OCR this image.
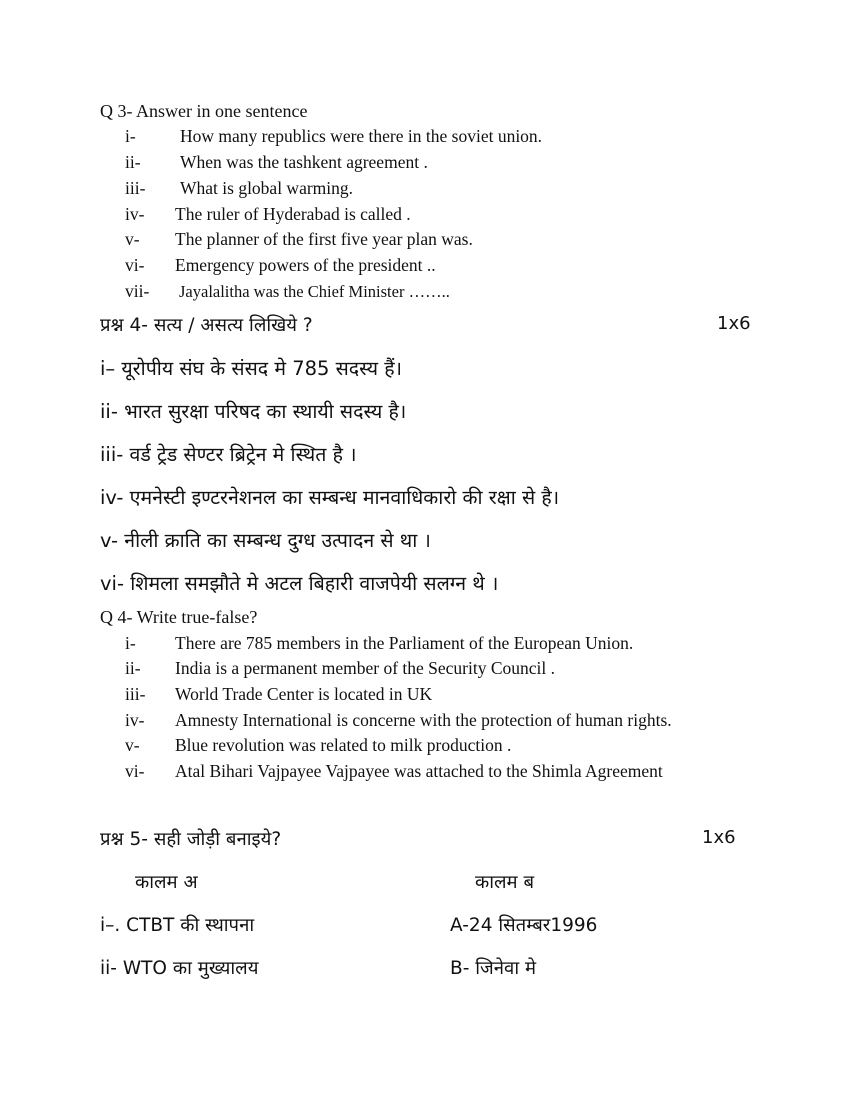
Q 3- Answer in one sentence
i-	How many republics were there in the soviet union.
ii- When was the tashkent agreement .
iii- What is global warming.
iv- The ruler of Hyderabad is called .
v- The planner of the first five year plan was.
vi- Emergency powers of the president ..
vii- Jayalalitha was the Chief Minister ……..
प्रश्न 4- सत्य / असत्य लिखिये ?	1x6
i– यूरोपीय संघ के संसद मे 785 सदस्य हैं।
ii- भारत सुरक्षा परिषद का स्थायी सदस्य है।
iii- वर्ड ट्रेड सेण्टर ब्रिट्रेन मे स्थित है ।
iv- एमनेस्टी इण्टरनेशनल का सम्बन्ध मानवाधिकारो की रक्षा से है।
v- नीली क्राति का सम्बन्ध दुग्ध उत्पादन से था ।
vi- शिमला समझौते मे अटल बिहारी वाजपेयी सलग्न थे ।
Q 4- Write true-false?
i- There are 785 members in the Parliament of the European Union.
ii- India is a permanent member of the Security Council .
iii- World Trade Center is located in UK
iv- Amnesty International is concerne with the protection of human rights.
v- Blue revolution was related to milk production .
vi- Atal Bihari Vajpayee Vajpayee was attached to the Shimla Agreement
प्रश्न 5- सही जोड़ी बनाइये?	1x6
कालम अ	कालम ब
i–. CTBT की स्थापना	A-24 सितम्बर1996
ii- WTO का मुख्यालय	B- जिनेवा मे
